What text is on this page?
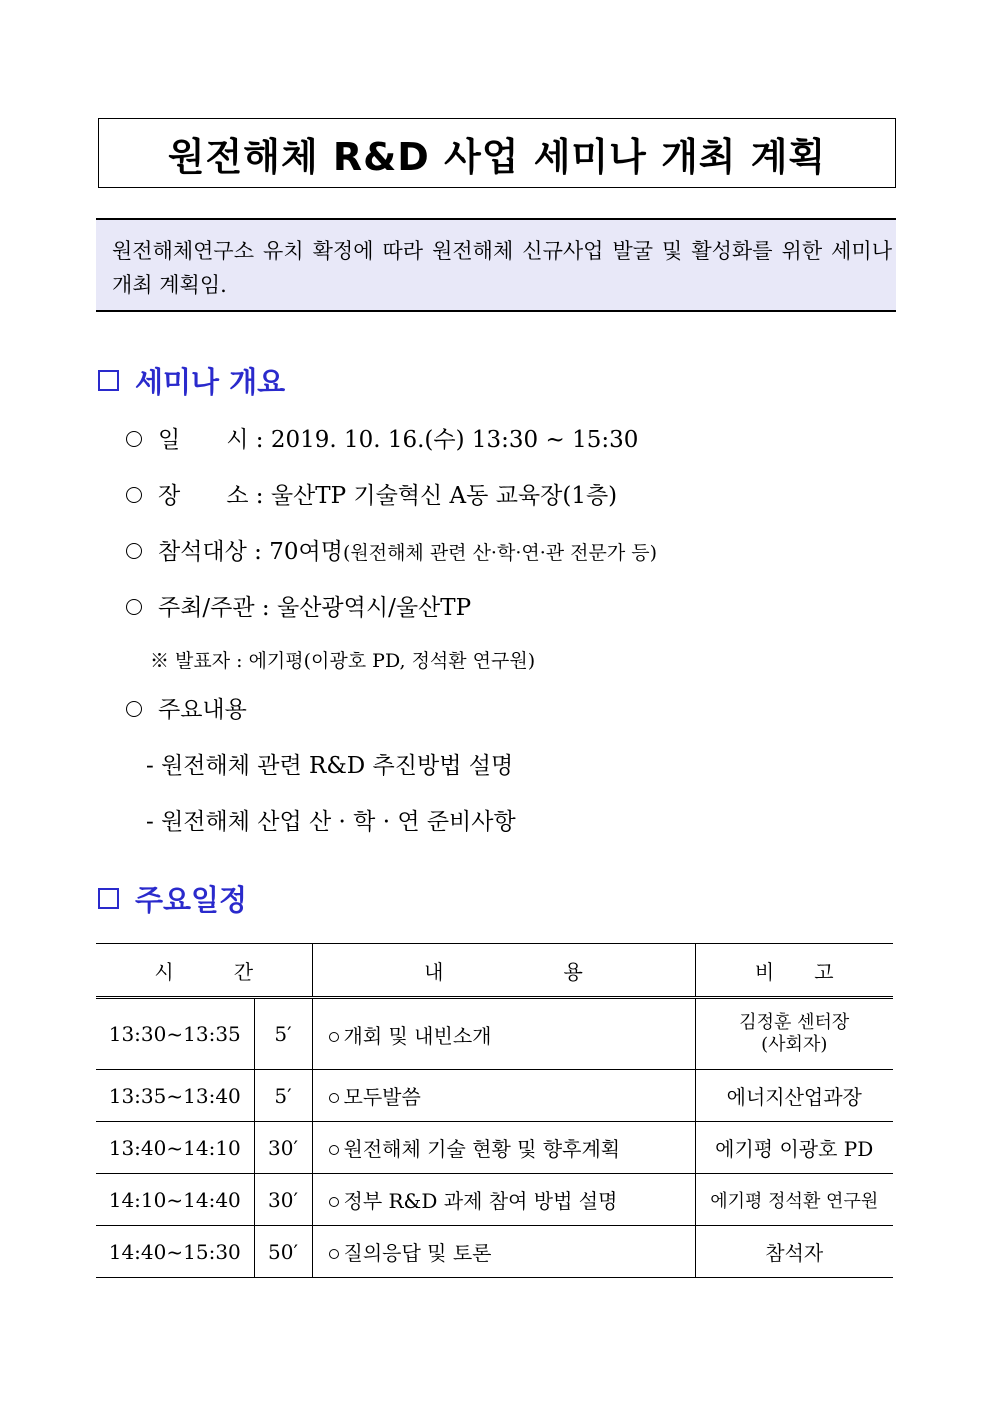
원전해체 R&D 사업 세미나 개최 계획
원전해체연구소 유치 확정에 따라 원전해체 신규사업 발굴 및 활성화를 위한 세미나 개최 계획임.
세미나 개요
일　　시 : 2019. 10. 16.(수) 13:30 ~ 15:30
장　　소 : 울산TP 기술혁신 A동 교육장(1층)
참석대상 : 70여명(원전해체 관련 산·학·연·관 전문가 등)
주최/주관 : 울산광역시/울산TP
※ 발표자 : 에기평(이광호 PD, 정석환 연구원)
주요내용
- 원전해체 관련 R&D 추진방법 설명
- 원전해체 산업 산 · 학 · 연 준비사항
주요일정
시　　　간		내　　　　　　용	비　　고
13:30~13:35	5′	개회 및 내빈소개	김정훈 센터장
(사회자)

13:35~13:40	5′	모두발씀	에너지산업과장
13:40~14:10	30′	원전해체 기술 현황 및 향후계획	에기평 이광호 PD
14:10~14:40	30′	정부 R&D 과제 참여 방법 설명	에기평 정석환 연구원
14:40~15:30	50′	질의응답 및 토론	참석자
